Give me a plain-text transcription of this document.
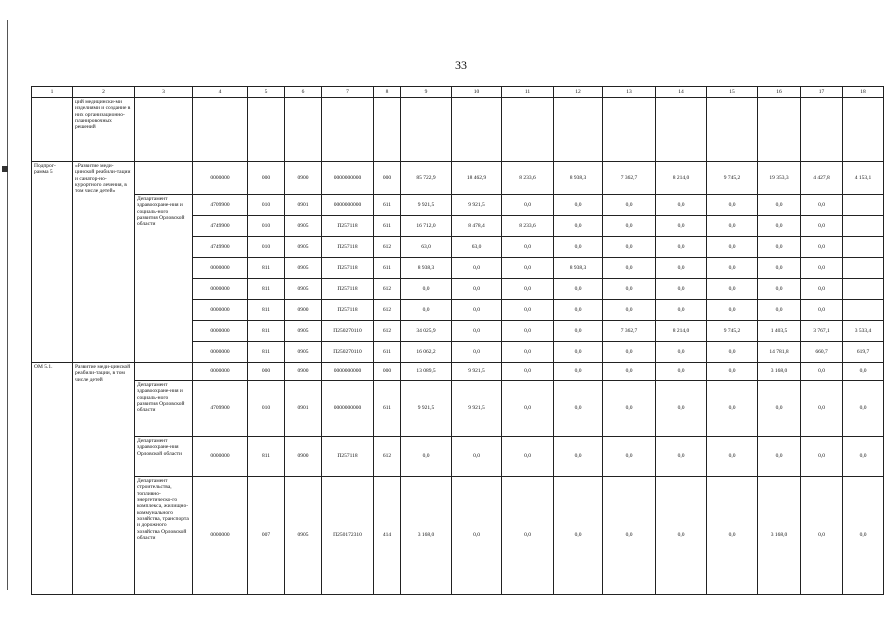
33
1	2	3	4	5	6	7	8	9	10	11	12	13	14	15	16	17	18
	ций медицински-ми изделиями и создание в них организационно-планировочных решений																
Подпрог-рамма 5	«Развитие меди-цинской реабили-тации и санатор-но-курортного лечения, в том числе детей»		0000000	000	0900	0000000000	000	85 722,9	18 462,9	8 233,6	8 938,3	7 362,7	8 214,0	9 745,2	19 353,3	4 427,8	4 153,1
		Департамент здравоохране-ния и социаль-ного развития Орловской области	4709900	010	0901	0000000000	611	9 921,5	9 921,5	0,0	0,0	0,0	0,0	0,0	0,0	0,0	
			4749900	010	0905	П257118	611	16 712,0	8 478,4	8 233,6	0,0	0,0	0,0	0,0	0,0	0,0	
			4749900	010	0905	П257118	612	63,0	63,0	0,0	0,0	0,0	0,0	0,0	0,0	0,0	
			0000000	811	0905	П257118	611	8 938,3	0,0	0,0	8 938,3	0,0	0,0	0,0	0,0	0,0	
			0000000	811	0905	П257118	612	0,0	0,0	0,0	0,0	0,0	0,0	0,0	0,0	0,0	
			0000000	811	0900	П257118	612	0,0	0,0	0,0	0,0	0,0	0,0	0,0	0,0	0,0	
			0000000	811	0905	П250270110	612	34 025,9	0,0	0,0	0,0	7 362,7	8 214,0	9 745,2	1 403,5	3 767,1	3 533,4
			0000000	811	0905	П250270110	611	16 062,2	0,0	0,0	0,0	0,0	0,0	0,0	14 781,8	660,7	619,7
ОМ 5.1.	Развитие меди-цинской реабили-тации, в том числе детей		0000000	000	0900	0000000000	000	13 089,5	9 921,5	0,0	0,0	0,0	0,0	0,0	3 168,0	0,0	0,0
		Департамент здравоохране-ния и социаль-ного развития Орловской области	4709900	010	0901	0000000000	611	9 921,5	9 921,5	0,0	0,0	0,0	0,0	0,0	0,0	0,0	0,0
		Департамент здравоохране-ния Орловской области	0000000	811	0900	П257118	612	0,0	0,0	0,0	0,0	0,0	0,0	0,0	0,0	0,0	0,0
		Департамент строительства, топливно-энергетическо-го комплекса, жилищно-коммунального хозяйства, транспорта и дорожного хозяйства Орловской области	0000000	007	0905	П250172310	414	3 168,0	0,0	0,0	0,0	0,0	0,0	0,0	3 168,0	0,0	0,0
